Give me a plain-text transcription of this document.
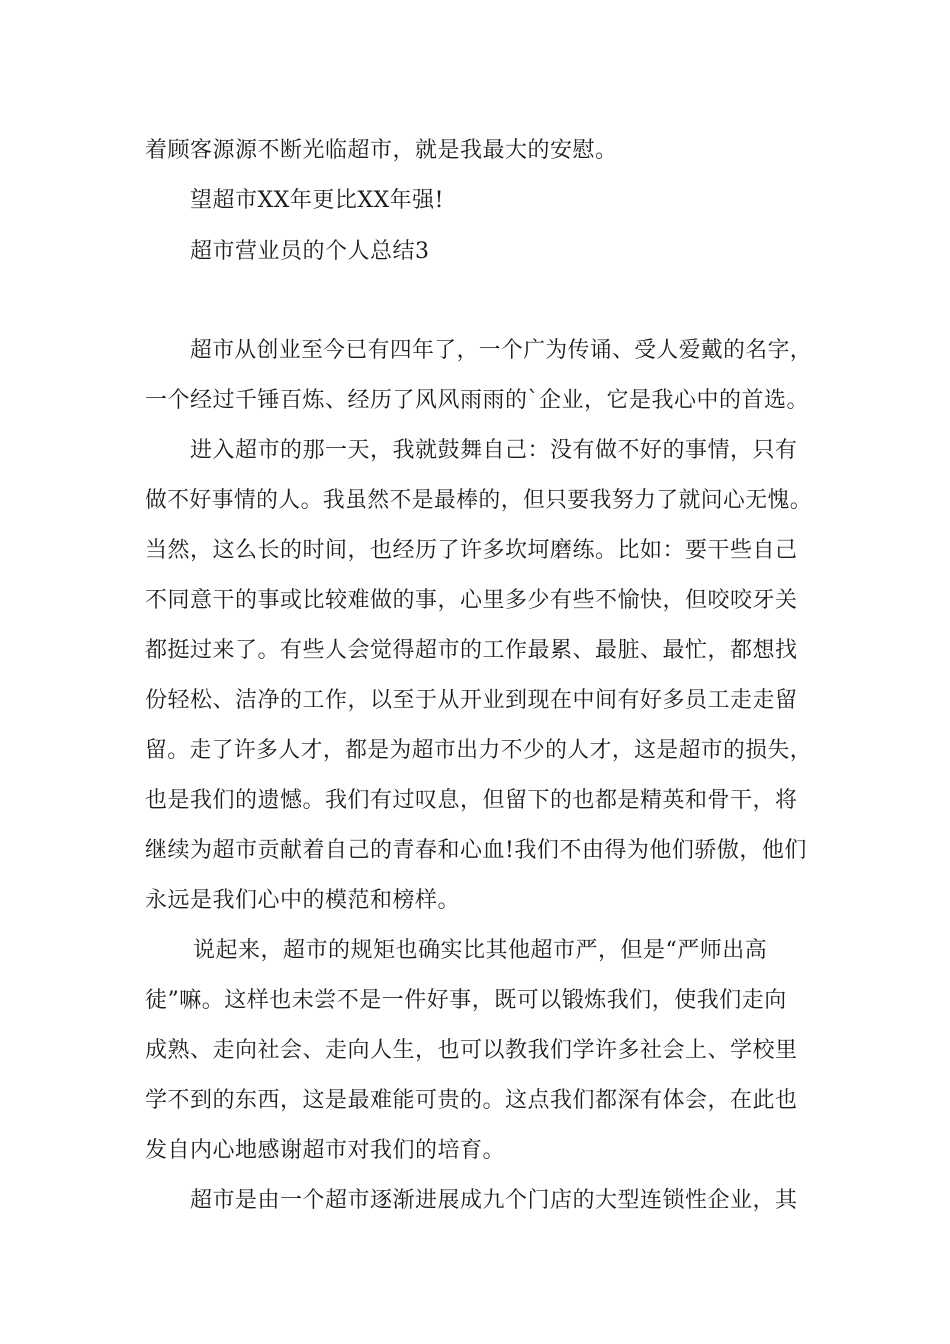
着顾客源源不断光临超市，就是我最大的安慰。
望超市XX年更比XX年强!
超市营业员的个人总结3
超市从创业至今已有四年了，一个广为传诵、受人爱戴的名字，
一个经过千锤百炼、经历了风风雨雨的`企业，它是我心中的首选。
进入超市的那一天，我就鼓舞自己：没有做不好的事情，只有
做不好事情的人。我虽然不是最棒的，但只要我努力了就问心无愧。
当然，这么长的时间，也经历了许多坎坷磨练。比如：要干些自己
不同意干的事或比较难做的事，心里多少有些不愉快，但咬咬牙关
都挺过来了。有些人会觉得超市的工作最累、最脏、最忙，都想找
份轻松、洁净的工作，以至于从开业到现在中间有好多员工走走留
留。走了许多人才，都是为超市出力不少的人才，这是超市的损失，
也是我们的遗憾。我们有过叹息，但留下的也都是精英和骨干，将
继续为超市贡献着自己的青春和心血!我们不由得为他们骄傲，他们
永远是我们心中的模范和榜样。
说起来，超市的规矩也确实比其他超市严，但是“严师出高
徒”嘛。这样也未尝不是一件好事，既可以锻炼我们，使我们走向
成熟、走向社会、走向人生，也可以教我们学许多社会上、学校里
学不到的东西，这是最难能可贵的。这点我们都深有体会，在此也
发自内心地感谢超市对我们的培育。
超市是由一个超市逐渐进展成九个门店的大型连锁性企业，其
